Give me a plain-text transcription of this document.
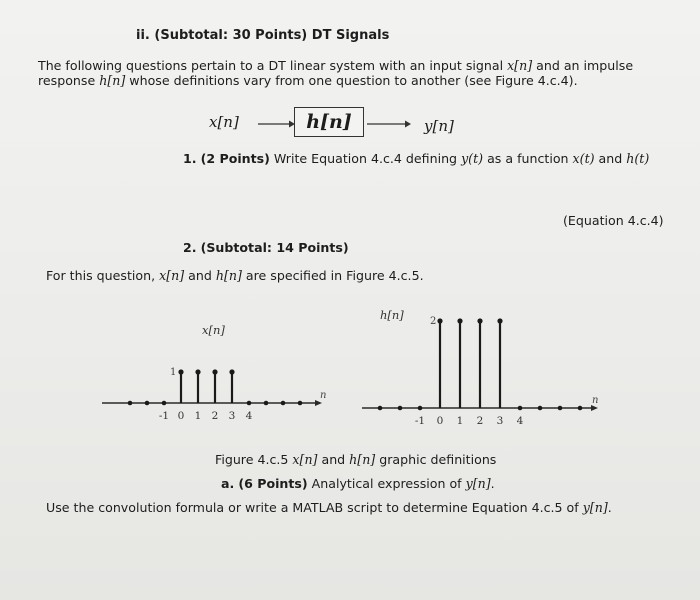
ii. (Subtotal: 30 Points) DT Signals
The following questions pertain to a DT linear system with an input signal x[n] and an impulse
response h[n] whose definitions vary from one question to another (see Figure 4.c.4).
x[n]	h[n]	y[n]
1. (2 Points) Write Equation 4.c.4 defining y(t) as a function x(t) and h(t)
(Equation 4.c.4)
2. (Subtotal: 14 Points)
For this question, x[n] and h[n] are specified in Figure 4.c.5.
-1 0 1 2 3 4
n
1
x[n]
-1 0 1 2 3 4
n
2
h[n]
Figure 4.c.5 x[n] and h[n] graphic definitions
a. (6 Points) Analytical expression of y[n].
Use the convolution formula or write a MATLAB script to determine Equation 4.c.5 of y[n].
